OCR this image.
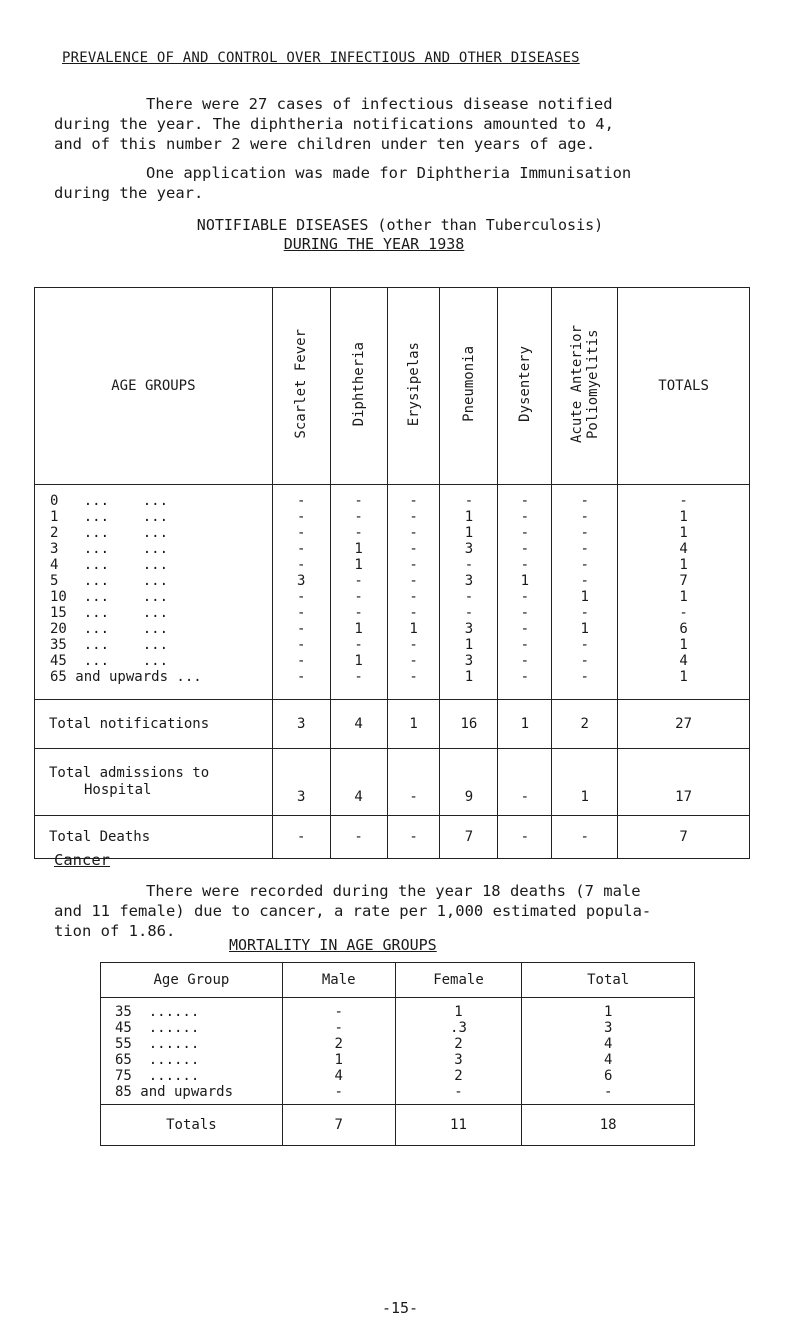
PREVALENCE OF AND CONTROL OVER INFECTIOUS AND OTHER DISEASES
There were 27 cases of infectious disease notified
during the year. The diphtheria notifications amounted to 4,
and of this number 2 were children under ten years of age.
One application was made for Diphtheria Immunisation
during the year.
NOTIFIABLE DISEASES (other than Tuberculosis)
DURING THE YEAR 1938
AGE GROUPS	Scarlet Fever	Diphtheria	Erysipelas	Pneumonia	Dysentery	Acute Anterior Poliomyelitis	TOTALS
0   ...    ...	-	-	-	-	-	-	-
1   ...    ...	-	-	-	1	-	-	1
2   ...    ...	-	-	-	1	-	-	1
3   ...    ...	-	1	-	3	-	-	4
4   ...    ...	-	1	-	-	-	-	1
5   ...    ...	3	-	-	3	1	-	7
10  ...    ...	-	-	-	-	-	1	1
15  ...    ...	-	-	-	-	-	-	-
20  ...    ...	-	1	1	3	-	1	6
35  ...    ...	-	-	-	1	-	-	1
45  ...    ...	-	1	-	3	-	-	4
65 and upwards ...	-	-	-	1	-	-	1
Total notifications	3	4	1	16	1	2	27

Total admissions to
Hospital	3	4	-	9	-	1	17
Total Deaths	-	-	-	7	-	-	7
Cancer
There were recorded during the year 18 deaths (7 male
and 11 female) due to cancer, a rate per 1,000 estimated popula-
tion of 1.86.
MORTALITY IN AGE GROUPS
Age Group	Male	Female	Total
35  ......	-	1	1
45  ......	-	.3	3
55  ......	2	2	4
65  ......	1	3	4
75  ......	4	2	6
85 and upwards	-	-	-
Totals	7	11	18
-15-
